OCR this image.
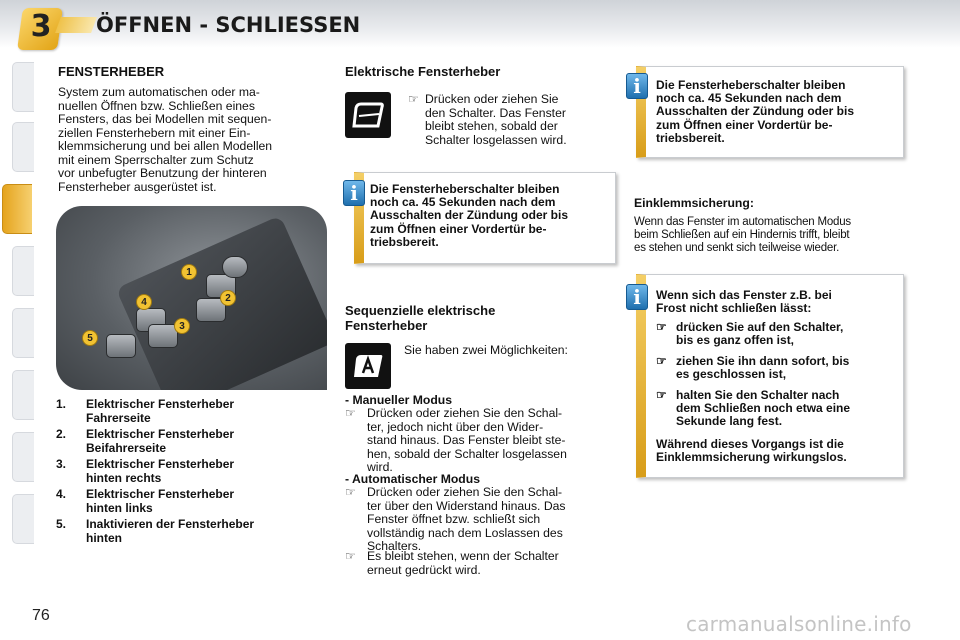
3 ÖFFNEN - SCHLIESSEN
FENSTERHEBER
System zum automatischen oder ma-
nuellen Öffnen bzw. Schließen eines
Fensters, das bei Modellen mit sequen-
ziellen Fensterhebern mit einer Ein-
klemmsicherung und bei allen Modellen
mit einem Sperrschalter zum Schutz
vor unbefugter Benutzung der hinteren
Fensterheber ausgerüstet ist.
1
2
3
4
5
1. Elektrischer Fensterheber
Fahrerseite
2. Elektrischer Fensterheber
Beifahrerseite
3. Elektrischer Fensterheber
hinten rechts
4. Elektrischer Fensterheber
hinten links
5. Inaktivieren der Fensterheber
hinten
Elektrische Fensterheber
☞ Drücken oder ziehen Sie
den Schalter. Das Fenster
bleibt stehen, sobald der
Schalter losgelassen wird.
Die Fensterheberschalter bleiben
noch ca. 45 Sekunden nach dem
Ausschalten der Zündung oder bis
zum Öffnen einer Vordertür be-
triebsbereit.
i
Sequenzielle elektrische
Fensterheber
Sie haben zwei Möglichkeiten:
- Manueller Modus
☞ Drücken oder ziehen Sie den Schal-
ter, jedoch nicht über den Wider-
stand hinaus. Das Fenster bleibt ste-
hen, sobald der Schalter losgelassen
wird.
- Automatischer Modus
☞ Drücken oder ziehen Sie den Schal-
ter über den Widerstand hinaus. Das
Fenster öffnet bzw. schließt sich
vollständig nach dem Loslassen des
Schalters.
☞ Es bleibt stehen, wenn der Schalter
erneut gedrückt wird.
Die Fensterheberschalter bleiben
noch ca. 45 Sekunden nach dem
Ausschalten der Zündung oder bis
zum Öffnen einer Vordertür be-
triebsbereit.
i
Einklemmsicherung:
Wenn das Fenster im automatischen Modus
beim Schließen auf ein Hindernis trifft, bleibt
es stehen und senkt sich teilweise wieder.
Wenn sich das Fenster z.B. bei
Frost nicht schließen lässt:
☞ drücken Sie auf den Schalter,
bis es ganz offen ist,
☞ ziehen Sie ihn dann sofort, bis
es geschlossen ist,
☞ halten Sie den Schalter nach
dem Schließen noch etwa eine
Sekunde lang fest.
Während dieses Vorgangs ist die
Einklemmsicherung wirkungslos.
i
76	carmanualsonline.info
